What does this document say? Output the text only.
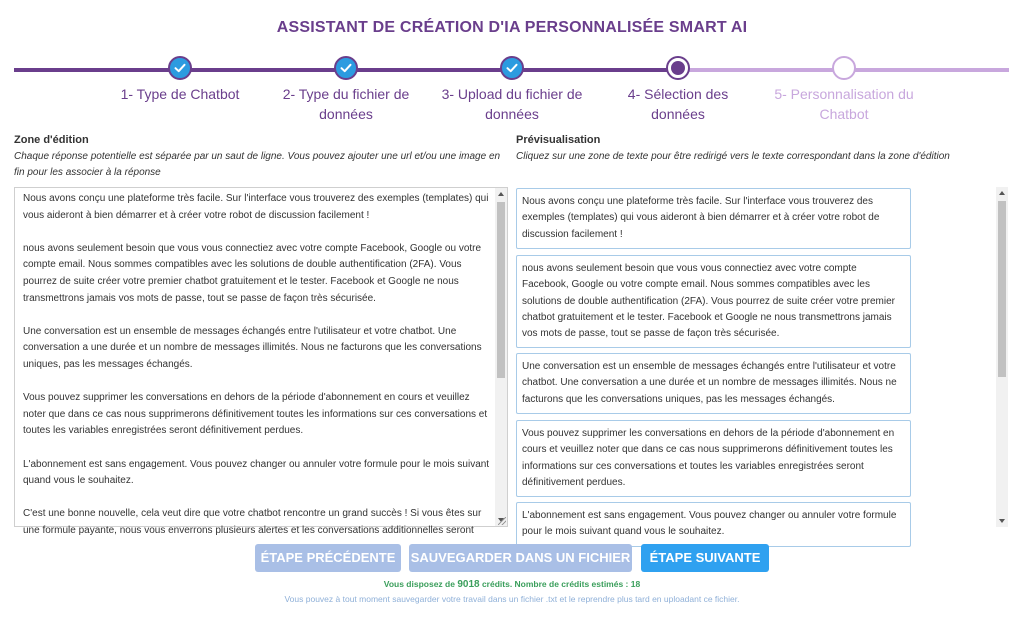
ASSISTANT DE CRÉATION D'IA PERSONNALISÉE SMART AI
1- Type de Chatbot	2- Type du fichier de données
3- Upload du fichier de données
4- Sélection des données
5- Personnalisation du Chatbot
Zone d'édition
Chaque réponse potentielle est séparée par un saut de ligne. Vous pouvez ajouter une url et/ou une image en fin pour les associer à la réponse
Prévisualisation
Cliquez sur une zone de texte pour être redirigé vers le texte correspondant dans la zone d'édition
Nous avons conçu une plateforme très facile. Sur l'interface vous trouverez des exemples (templates) qui vous aideront à bien démarrer et à créer votre robot de discussion facilement !

nous avons seulement besoin que vous vous connectiez avec votre compte Facebook, Google ou votre compte email. Nous sommes compatibles avec les solutions de double authentification (2FA). Vous pourrez de suite créer votre premier chatbot gratuitement et le tester. Facebook et Google ne nous transmettrons jamais vos mots de passe, tout se passe de façon très sécurisée.

Une conversation est un ensemble de messages échangés entre l'utilisateur et votre chatbot. Une conversation a une durée et un nombre de messages illimités. Nous ne facturons que les conversations uniques, pas les messages échangés.

Vous pouvez supprimer les conversations en dehors de la période d'abonnement en cours et veuillez noter que dans ce cas nous supprimerons définitivement toutes les informations sur ces conversations et toutes les variables enregistrées seront définitivement perdues.

L'abonnement est sans engagement. Vous pouvez changer ou annuler votre formule pour le mois suivant quand vous le souhaitez.

C'est une bonne nouvelle, cela veut dire que votre chatbot rencontre un grand succès ! Si vous êtes sur une formule payante, nous vous enverrons plusieurs alertes et les conversations additionnelles seront
Nous avons conçu une plateforme très facile. Sur l'interface vous trouverez des exemples (templates) qui vous aideront à bien démarrer et à créer votre robot de discussion facilement !
nous avons seulement besoin que vous vous connectiez avec votre compte Facebook, Google ou votre compte email. Nous sommes compatibles avec les solutions de double authentification (2FA). Vous pourrez de suite créer votre premier chatbot gratuitement et le tester. Facebook et Google ne nous transmettrons jamais vos mots de passe, tout se passe de façon très sécurisée.
Une conversation est un ensemble de messages échangés entre l'utilisateur et votre chatbot. Une conversation a une durée et un nombre de messages illimités. Nous ne facturons que les conversations uniques, pas les messages échangés.
Vous pouvez supprimer les conversations en dehors de la période d'abonnement en cours et veuillez noter que dans ce cas nous supprimerons définitivement toutes les informations sur ces conversations et toutes les variables enregistrées seront définitivement perdues.
L'abonnement est sans engagement. Vous pouvez changer ou annuler votre formule pour le mois suivant quand vous le souhaitez.
ÉTAPE PRÉCÉDENTE	SAUVEGARDER DANS UN FICHIER	ÉTAPE SUIVANTE
Vous disposez de 9018 crédits. Nombre de crédits estimés : 18
Vous pouvez à tout moment sauvegarder votre travail dans un fichier .txt et le reprendre plus tard en uploadant ce fichier.
